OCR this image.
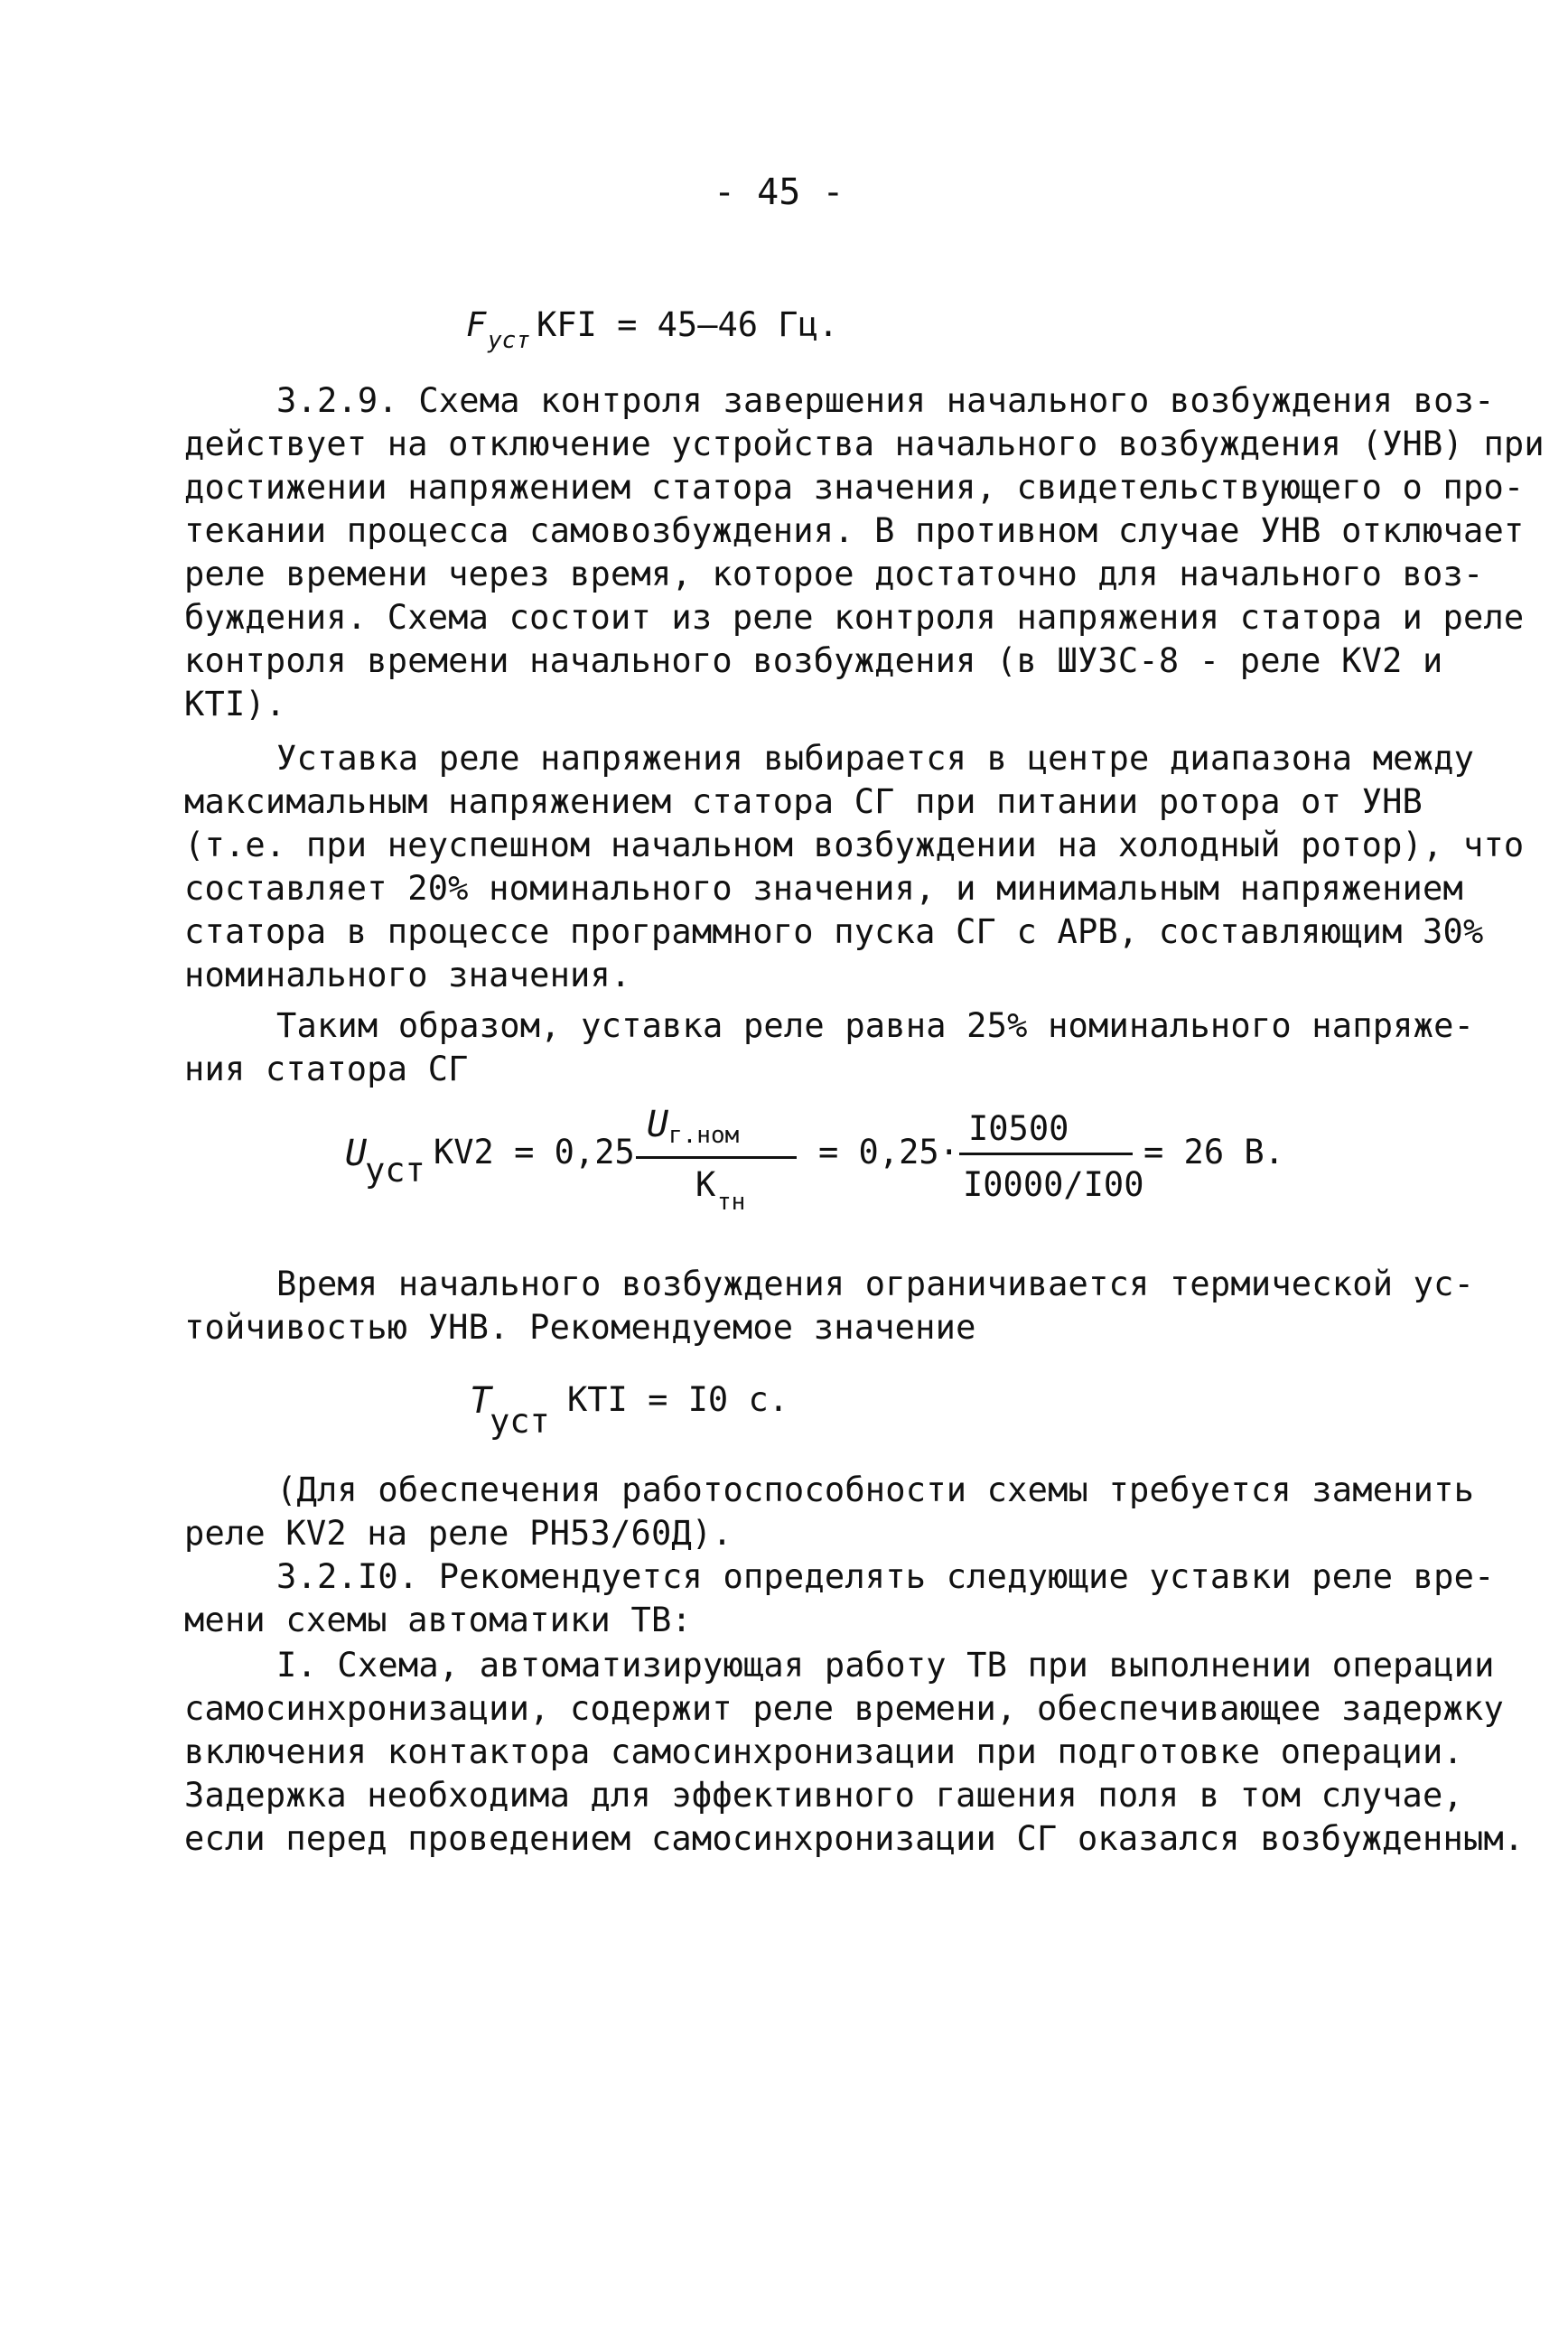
- 45 -
F уст KFI = 45–46 Гц.
3.2.9. Схема контроля завершения начального возбуждения воз-
действует на отключение устройства начального возбуждения (УНВ) при
достижении напряжением статора значения, свидетельствующего о про-
текании процесса самовозбуждения. В противном случае УНВ отключает
реле времени через время, которое достаточно для начального воз-
буждения. Схема состоит из реле контроля напряжения статора и реле
контроля времени начального возбуждения (в ШУЗС-8 - реле KV2 и
KTI).
Уставка реле напряжения выбирается в центре диапазона между
максимальным напряжением статора СГ при питании ротора от УНВ
(т.е. при неуспешном начальном возбуждении на холодный ротор), что
составляет 20% номинального значения, и минимальным напряжением
статора в процессе программного пуска СГ с АРВ, составляющим 30%
номинального значения.
Таким образом, уставка реле равна 25% номинального напряже-
ния статора СГ
U
уст KV2 = 0,25
U г.ном
К тн
= 0,25·
I0500
I0000/I00
= 26 В.
Время начального возбуждения ограничивается термической ус-
тойчивостью УНВ. Рекомендуемое значение
T
уст
KTI = I0 с.
(Для обеспечения работоспособности схемы требуется заменить
реле KV2 на реле РН53/60Д).
3.2.I0. Рекомендуется определять следующие уставки реле вре-
мени схемы автоматики ТВ:
I. Схема, автоматизирующая работу ТВ при выполнении операции
самосинхронизации, содержит реле времени, обеспечивающее задержку
включения контактора самосинхронизации при подготовке операции.
Задержка необходима для эффективного гашения поля в том случае,
если перед проведением самосинхронизации СГ оказался возбужденным.
